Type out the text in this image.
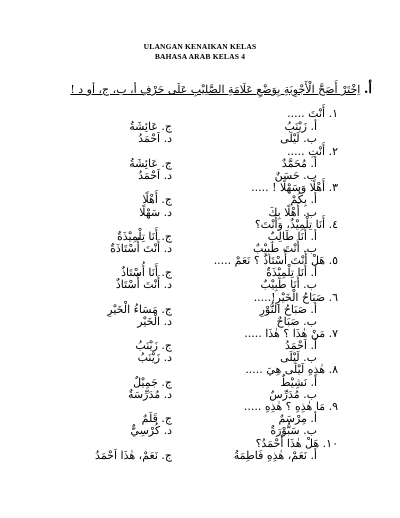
ULANGAN KENAIKAN KELAS
BAHASA ARAB KELAS 4
أ. اِخْتَرْ أَصَحَّ الْأَجْوِبَةِ بِوَضْعِ عَلَامَةِ الصَّلِيْبِ عَلَى حَرْفِ أ، ب، ج، أو د !
١. أَنْتَ .....
أ. زَيْنَبُ
ب. لَيْلَى
ج. عَائِشَةُ
د. اَحْمَدُ
٢. أَنْتِ .....
أ. مُحَمَّدٌ
ب. حَسَنٌ
ج. عَائِشَةُ
د. اَحْمَدُ
٣. أَهْلًا وَسَهْلًا ! .....
أ. بِكُمْ
ب. أَهْلًا بِكَ
ج. أَهْلًا
د. سَهْلًا
٤. أَنَا تِلْمِيْذٌ، وَأَنْتَ؟
أ. أَنَا طَالِبٌ
ب. أَنْتَ طَبِيْبٌ
ج. أَنَا تِلْمِيْذَةٌ
د. أَنْتَ أُسْتَاذَةٌ
٥. هَلْ أَنْتَ أُسْتَاذٌ ؟ نَعَمْ .....
أ. أَنَا تِلْمِيْذَةٌ
ب. أَنَا طَبِيْبٌ
ج. أَنَا أُسْتَاذٌ
د. أَنْتَ أُسْتَاذٌ
٦. صَبَاحُ الْخَيْرِ!.....
أ. صَبَاحُ النُّوْرِ
ب. صَبَاحٌ
ج. مَسَاءُ الْخَيْرِ
د. الْخَيْر
٧. مَنْ هٰذَا ؟ هٰذَا .....
أ. اَحْمَدُ
ب. لَيْلَى
ج. زَيْنَبُ
د. زَيْنَبُ
٨. هٰذِهِ لَيْلَى هِيَ .....
أ. نَشِيْطٌ
ب. مُدَرِّسٌ
ج. جَمِيْلٌ
د. مُدَرِّسَةٌ
٩. مَا هٰذِهِ ؟ هٰذِهِ .....
أ. مِرْسَمٌ
ب. سَبُّوْرَةٌ
ج. قَلَمٌ
د. كُرْسِيٌّ
١٠. هَلْ هٰذَا أَحْمَدُ؟
أ. نَعَمْ، هٰذِهِ فَاطِمَةُ
ج. نَعَمْ، هٰذَا اَحْمَدُ
